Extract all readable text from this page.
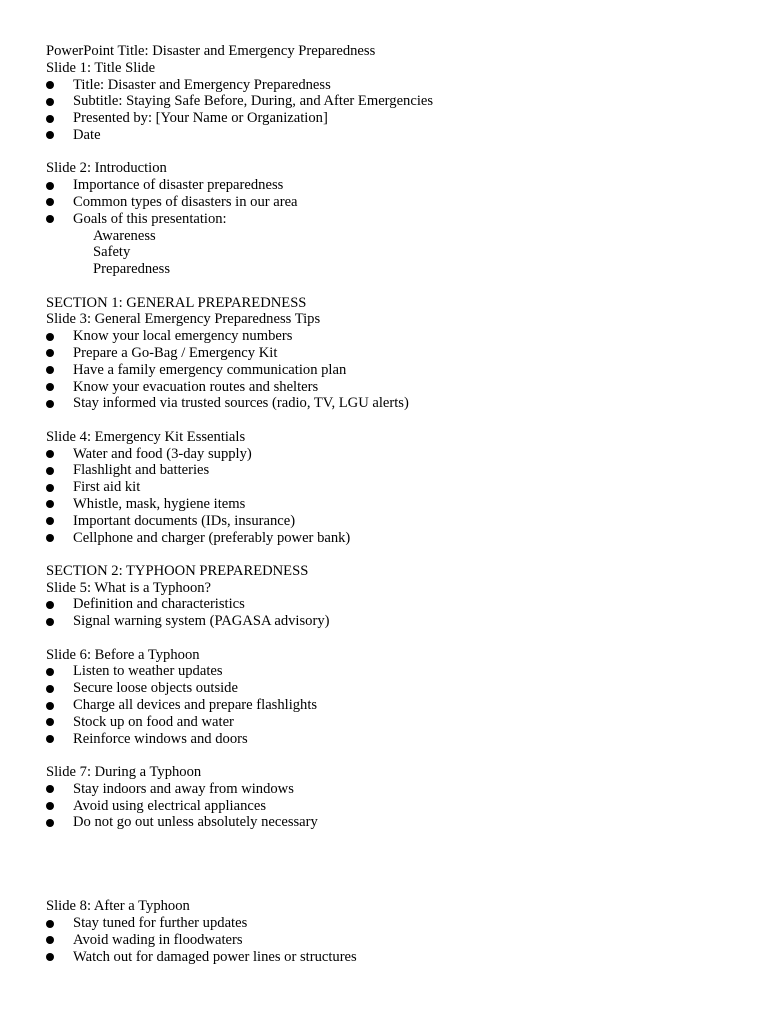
PowerPoint Title: Disaster and Emergency Preparedness
Slide 1: Title Slide
Title: Disaster and Emergency Preparedness
Subtitle: Staying Safe Before, During, and After Emergencies
Presented by: [Your Name or Organization]
Date
Slide 2: Introduction
Importance of disaster preparedness
Common types of disasters in our area
Goals of this presentation:
Awareness
Safety
Preparedness
SECTION 1: GENERAL PREPAREDNESS
Slide 3: General Emergency Preparedness Tips
Know your local emergency numbers
Prepare a Go-Bag / Emergency Kit
Have a family emergency communication plan
Know your evacuation routes and shelters
Stay informed via trusted sources (radio, TV, LGU alerts)
Slide 4: Emergency Kit Essentials
Water and food (3-day supply)
Flashlight and batteries
First aid kit
Whistle, mask, hygiene items
Important documents (IDs, insurance)
Cellphone and charger (preferably power bank)
SECTION 2: TYPHOON PREPAREDNESS
Slide 5: What is a Typhoon?
Definition and characteristics
Signal warning system (PAGASA advisory)
Slide 6: Before a Typhoon
Listen to weather updates
Secure loose objects outside
Charge all devices and prepare flashlights
Stock up on food and water
Reinforce windows and doors
Slide 7: During a Typhoon
Stay indoors and away from windows
Avoid using electrical appliances
Do not go out unless absolutely necessary
Slide 8: After a Typhoon
Stay tuned for further updates
Avoid wading in floodwaters
Watch out for damaged power lines or structures
